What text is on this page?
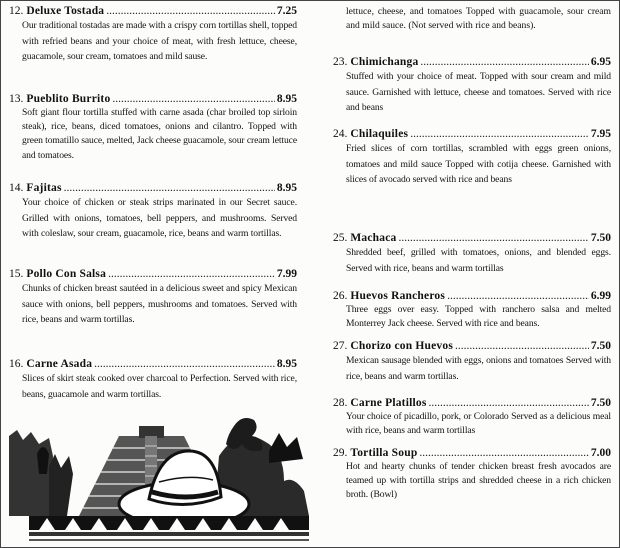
12. Deluxe Tostada .....	7.25
Our traditional tostadas are made with a crispy corn tortillas shell, topped with refried beans and your choice of meat, with fresh lettuce, cheese, guacamole, sour cream, tomatoes and mild sause.
13. Pueblito Burrito .....	8.95
Soft giant flour tortilla stuffed with carne asada (char broiled top sirloin steak), rice, beans, diced tomatoes, onions and cilantro. Topped with green tomatillo sauce, melted, Jack cheese guacamole, sour cream lettuce and tomatoes.
14. Fajitas .....	8.95
Your choice of chicken or steak strips marinated in our Secret sauce. Grilled with onions, tomatoes, bell peppers, and mushrooms. Served with coleslaw, sour cream, guacamole, rice, beans and warm tortillas.
15. Pollo Con Salsa .....	7.99
Chunks of chicken breast sautéed in a delicious sweet and spicy Mexican sauce with onions, bell peppers, mushrooms and tomatoes. Served with rice, beans and warm tortillas.
16. Carne Asada .....	8.95
Slices of skirt steak cooked over charcoal to Perfection. Served with rice, beans, guacamole and warm tortillas.
lettuce, cheese, and tomatoes Topped with guacamole, sour cream and mild sauce. (Not served with rice and beans).
23. Chimichanga .....	6.95
Stuffed with your choice of meat. Topped with sour cream and mild sauce. Garnished with lettuce, cheese and tomatoes. Served with rice and beans
24. Chilaquiles .....	7.95
Fried slices of corn tortillas, scrambled with eggs green onions, tomatoes and mild sauce Topped with cotija cheese. Garnished with slices of avocado served with rice and beans
25. Machaca .....	7.50
Shredded beef, grilled with tomatoes, onions, and blended eggs. Served with rice, beans and warm tortillas
26. Huevos Rancheros .....	6.99
Three eggs over easy. Topped with ranchero salsa and melted Monterrey Jack cheese. Served with rice and beans.
27. Chorizo con Huevos .....	7.50
Mexican sausage blended with eggs, onions and tomatoes Served with rice, beans and warm tortillas.
28. Carne Platillos .....	7.50
Your choice of picadillo, pork, or Colorado Served as a delicious meal with rice, beans and warm tortillas
29. Tortilla Soup .....	7.00
Hot and hearty chunks of tender chicken breast fresh avocados are teamed up with tortilla strips and shredded cheese in a rich chicken broth. (Bowl)
